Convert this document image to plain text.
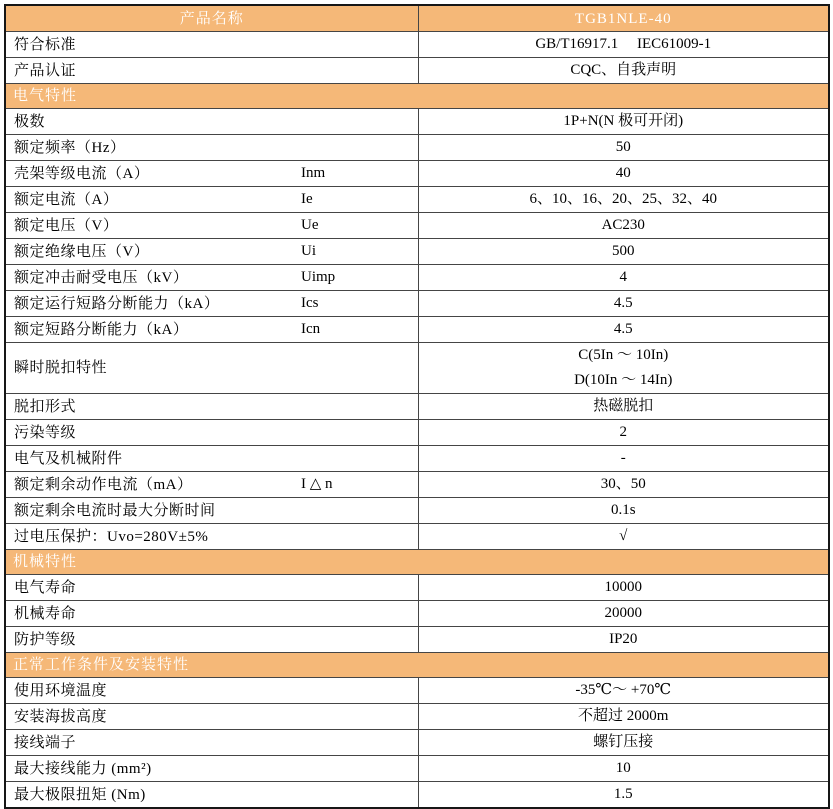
产品名称	TGB1NLE-40
符合标准	GB/T16917.1　 IEC61009-1

产品认证	CQC、自我声明

电气特性	
极数	1P+N(N 极可开闭)

额定频率（Hz）	50

壳架等级电流（A） Inm	40

额定电流（A） Ie	6、10、16、20、25、32、40

额定电压（V） Ue	AC230

额定绝缘电压（V） Ui	500

额定冲击耐受电压（kV） Uimp	4

额定运行短路分断能力（kA） Ics	4.5

额定短路分断能力（kA） Icn	4.5

瞬时脱扣特性	C(5In ～ 10In)
D(10In ～ 14In)

脱扣形式	热磁脱扣

污染等级	2

电气及机械附件	-

额定剩余动作电流（mA） I △ n	30、50

额定剩余电流时最大分断时间	0.1s

过电压保护：Uvo=280V±5%	√

机械特性	
电气寿命	10000

机械寿命	20000

防护等级	IP20

正常工作条件及安装特性	
使用环境温度	-35℃～ +70℃

安装海拔高度	不超过 2000m

接线端子	螺钉压接

最大接线能力 (mm²)	10

最大极限扭矩 (Nm)	1.5
